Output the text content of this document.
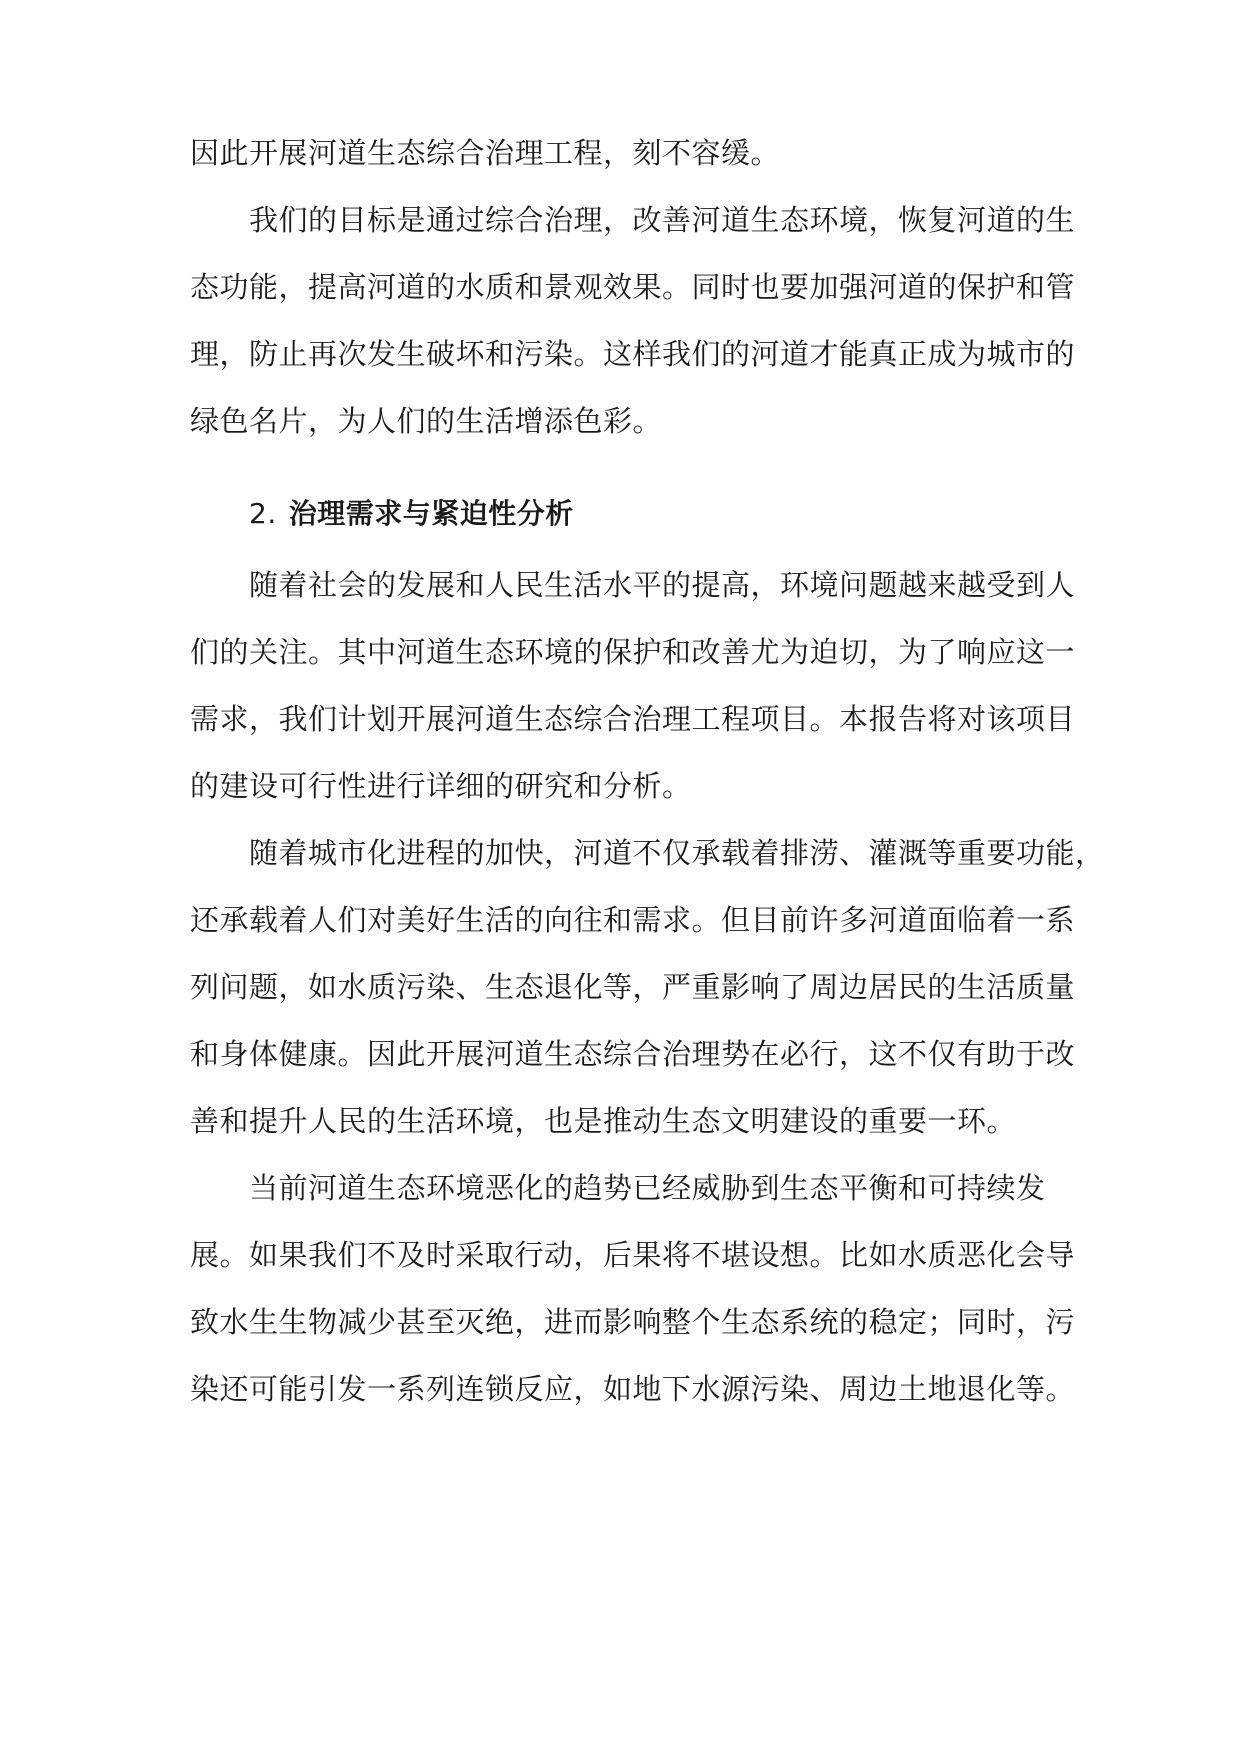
因此开展河道生态综合治理工程，刻不容缓。
我们的目标是通过综合治理，改善河道生态环境，恢复河道的生
态功能，提高河道的水质和景观效果。同时也要加强河道的保护和管
理，防止再次发生破坏和污染。这样我们的河道才能真正成为城市的
绿色名片，为人们的生活增添色彩。
2. 治理需求与紧迫性分析
随着社会的发展和人民生活水平的提高，环境问题越来越受到人
们的关注。其中河道生态环境的保护和改善尤为迫切，为了响应这一
需求，我们计划开展河道生态综合治理工程项目。本报告将对该项目
的建设可行性进行详细的研究和分析。
随着城市化进程的加快，河道不仅承载着排涝、灌溉等重要功能，
还承载着人们对美好生活的向往和需求。但目前许多河道面临着一系
列问题，如水质污染、生态退化等，严重影响了周边居民的生活质量
和身体健康。因此开展河道生态综合治理势在必行，这不仅有助于改
善和提升人民的生活环境，也是推动生态文明建设的重要一环。
当前河道生态环境恶化的趋势已经威胁到生态平衡和可持续发
展。如果我们不及时采取行动，后果将不堪设想。比如水质恶化会导
致水生生物减少甚至灭绝，进而影响整个生态系统的稳定；同时，污
染还可能引发一系列连锁反应，如地下水源污染、周边土地退化等。
